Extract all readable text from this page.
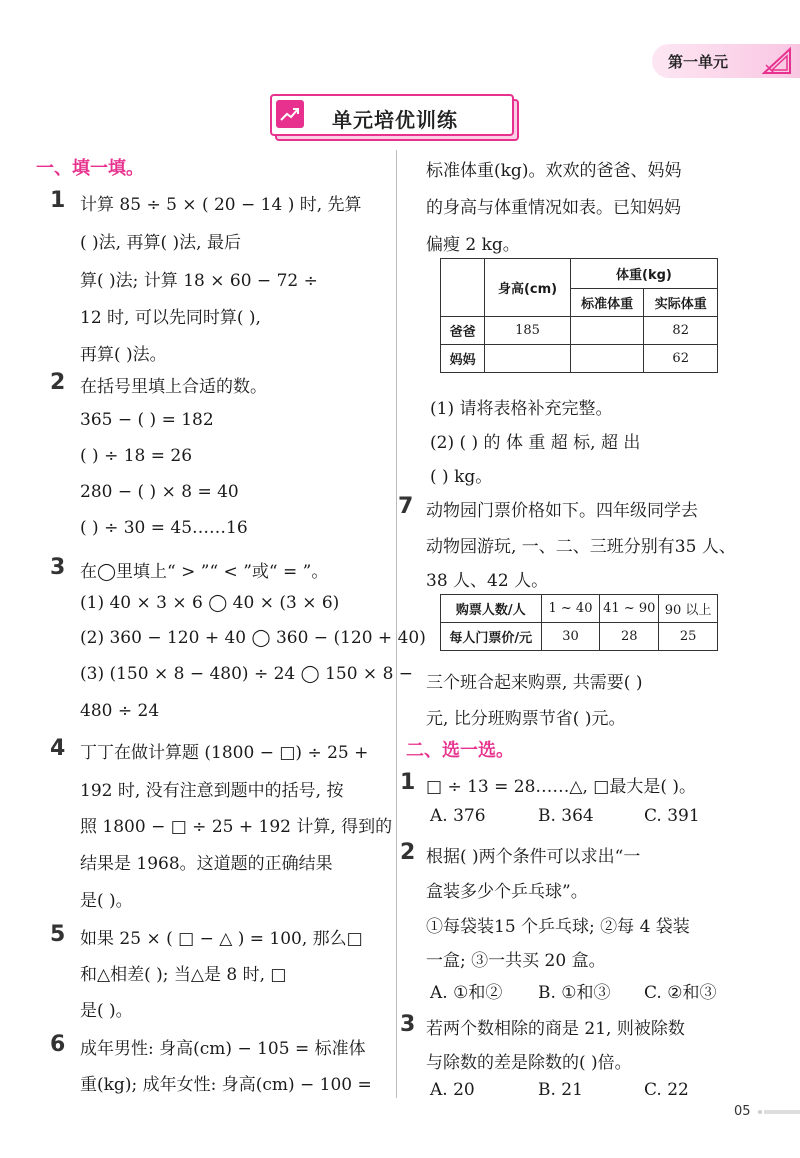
第一单元
单元培优训练
一、填一填。
1 计算 85 ÷ 5 × ( 20 − 14 ) 时, 先算
( )法, 再算( )法, 最后
算( )法; 计算 18 × 60 − 72 ÷
12 时, 可以先同时算( ),
再算( )法。
2 在括号里填上合适的数。
365 − ( ) = 182
( ) ÷ 18 = 26
280 − ( ) × 8 = 40
( ) ÷ 30 = 45……16
3 在◯里填上“ > ”“ < ”或“ = ”。
(1) 40 × 3 × 6 ◯ 40 × (3 × 6)
(2) 360 − 120 + 40 ◯ 360 − (120 + 40)
(3) (150 × 8 − 480) ÷ 24 ◯ 150 × 8 −
480 ÷ 24
4 丁丁在做计算题 (1800 − □) ÷ 25 +
192 时, 没有注意到题中的括号, 按
照 1800 − □ ÷ 25 + 192 计算, 得到的
结果是 1968。这道题的正确结果
是( )。
5 如果 25 × ( □ − △ ) = 100, 那么□
和△相差( ); 当△是 8 时, □
是( )。
6 成年男性: 身高(cm) − 105 = 标准体
重(kg); 成年女性: 身高(cm) − 100 =
标准体重(kg)。欢欢的爸爸、妈妈
的身高与体重情况如表。已知妈妈
偏瘦 2 kg。
	身高(cm)	体重(kg)	
		标准体重	实际体重
爸爸	185		82
妈妈			62
(1) 请将表格补充完整。
(2) ( ) 的 体 重 超 标, 超 出
( ) kg。
7 动物园门票价格如下。四年级同学去
动物园游玩, 一、二、三班分别有35 人、
38 人、42 人。
购票人数/人	1 ~ 40	41 ~ 90	90 以上
每人门票价/元	30	28	25
三个班合起来购票, 共需要( )
元, 比分班购票节省( )元。
二、选一选。
1 □ ÷ 13 = 28……△, □最大是( )。
A. 376	B. 364	C. 391
2 根据( )两个条件可以求出“一
盒装多少个乒乓球”。
①每袋装15 个乒乓球; ②每 4 袋装
一盒; ③一共买 20 盒。
A. ①和② B. ①和③ C. ②和③
3 若两个数相除的商是 21, 则被除数
与除数的差是除数的( )倍。
A. 20	B. 21	C. 22
05
